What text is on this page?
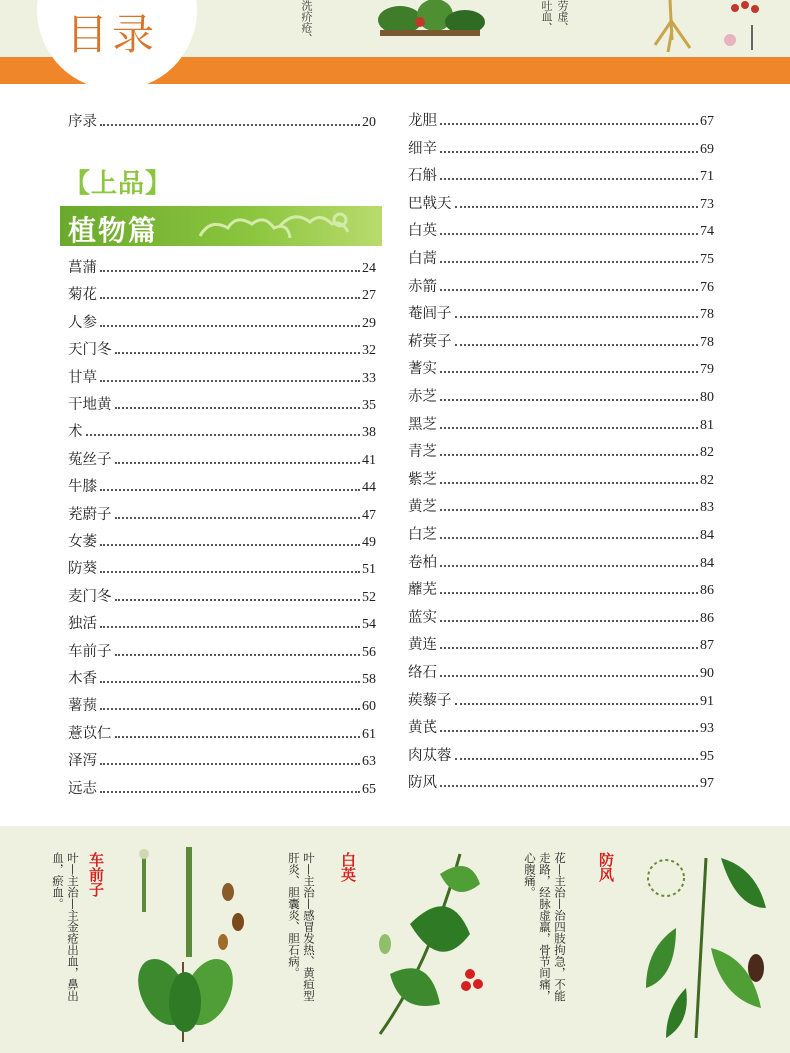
目录	洗疥疮、	劳虚、
吐血、
序录	20
【上品】
植物篇
菖蒲	24
菊花	27
人参	29
天门冬	32
甘草	33
干地黄	35
术	38
菟丝子	41
牛膝	44
茺蔚子	47
女萎	49
防葵	51
麦门冬	52
独活	54
车前子	56
木香	58
薯蓣	60
薏苡仁	61
泽泻	63
远志	65
龙胆	67
细辛	69
石斛	71
巴戟天	73
白英	74
白蒿	75
赤箭	76
菴闾子	78
菥蓂子	78
蓍实	79
赤芝	80
黑芝	81
青芝	82
紫芝	82
黄芝	83
白芝	84
卷柏	84
蘼芜	86
蓝实	86
黄连	87
络石	90
蒺藜子	91
黄芪	93
肉苁蓉	95
防风	97
车前子
叶—主治—主金疮出血，鼻出血，瘀血。	白英
叶—主治—感冒发热、黄疸型肝炎、胆囊炎、胆石病。	防风
花—主治—治四肢拘急，不能走路，经脉虚羸，骨节间痛，心腹痛。
